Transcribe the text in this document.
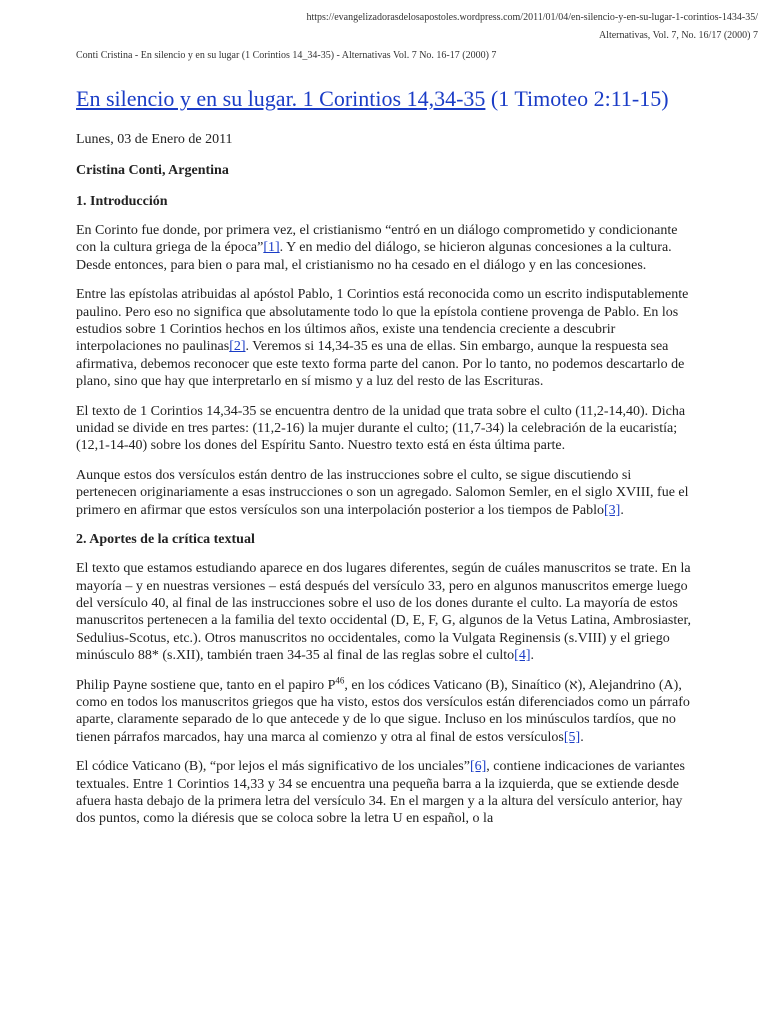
https://evangelizadorasdelosapostoles.wordpress.com/2011/01/04/en-silencio-y-en-su-lugar-1-corintios-1434-35/
Alternativas, Vol. 7, No. 16/17 (2000) 7
Conti Cristina - En silencio y en su lugar (1 Corintios 14_34-35) - Alternativas Vol. 7 No. 16-17 (2000) 7
En silencio y en su lugar. 1 Corintios 14,34-35 (1 Timoteo 2:11-15)
Lunes, 03 de Enero de 2011
Cristina Conti, Argentina
1. Introducción

En Corinto fue donde, por primera vez, el cristianismo “entró en un diálogo comprometido y condicionante con la cultura griega de la época”[1]. Y en medio del diálogo, se hicieron algunas concesiones a la cultura. Desde entonces, para bien o para mal, el cristianismo no ha cesado en el diálogo y en las concesiones.

Entre las epístolas atribuidas al apóstol Pablo, 1 Corintios está reconocida como un escrito indisputablemente paulino. Pero eso no significa que absolutamente todo lo que la epístola contiene provenga de Pablo. En los estudios sobre 1 Corintios hechos en los últimos años, existe una tendencia creciente a descubrir interpolaciones no paulinas[2]. Veremos si 14,34-35 es una de ellas. Sin embargo, aunque la respuesta sea afirmativa, debemos reconocer que este texto forma parte del canon. Por lo tanto, no podemos descartarlo de plano, sino que hay que interpretarlo en sí mismo y a luz del resto de las Escrituras.

El texto de 1 Corintios 14,34-35 se encuentra dentro de la unidad que trata sobre el culto (11,2-14,40). Dicha unidad se divide en tres partes: (11,2-16) la mujer durante el culto; (11,7-34) la celebración de la eucaristía; (12,1-14-40) sobre los dones del Espíritu Santo. Nuestro texto está en ésta última parte.

Aunque estos dos versículos están dentro de las instrucciones sobre el culto, se sigue discutiendo si pertenecen originariamente a esas instrucciones o son un agregado. Salomon Semler, en el siglo XVIII, fue el primero en afirmar que estos versículos son una interpolación posterior a los tiempos de Pablo[3].

2. Aportes de la crítica textual

El texto que estamos estudiando aparece en dos lugares diferentes, según de cuáles manuscritos se trate. En la mayoría – y en nuestras versiones – está después del versículo 33, pero en algunos manuscritos emerge luego del versículo 40, al final de las instrucciones sobre el uso de los dones durante el culto. La mayoría de estos manuscritos pertenecen a la familia del texto occidental (D, E, F, G, algunos de la Vetus Latina, Ambrosiaster, Sedulius-Scotus, etc.). Otros manuscritos no occidentales, como la Vulgata Reginensis (s.VIII) y el griego minúsculo 88* (s.XII), también traen 34-35 al final de las reglas sobre el culto[4].

Philip Payne sostiene que, tanto en el papiro $P^{46}$, en los códices Vaticano (B), Sinaítico (א), Alejandrino (A), como en todos los manuscritos griegos que ha visto, estos dos versículos están diferenciados como un párrafo aparte, claramente separado de lo que antecede y de lo que sigue. Incluso en los minúsculos tardíos, que no tienen párrafos marcados, hay una marca al comienzo y otra al final de estos versículos[5].

El códice Vaticano (B), “por lejos el más significativo de los unciales”[6], contiene indicaciones de variantes textuales. Entre 1 Corintios 14,33 y 34 se encuentra una pequeña barra a la izquierda, que se extiende desde afuera hasta debajo de la primera letra del versículo 34. En el margen y a la altura del versículo anterior, hay dos puntos, como la diéresis que se coloca sobre la letra U en español, o la
